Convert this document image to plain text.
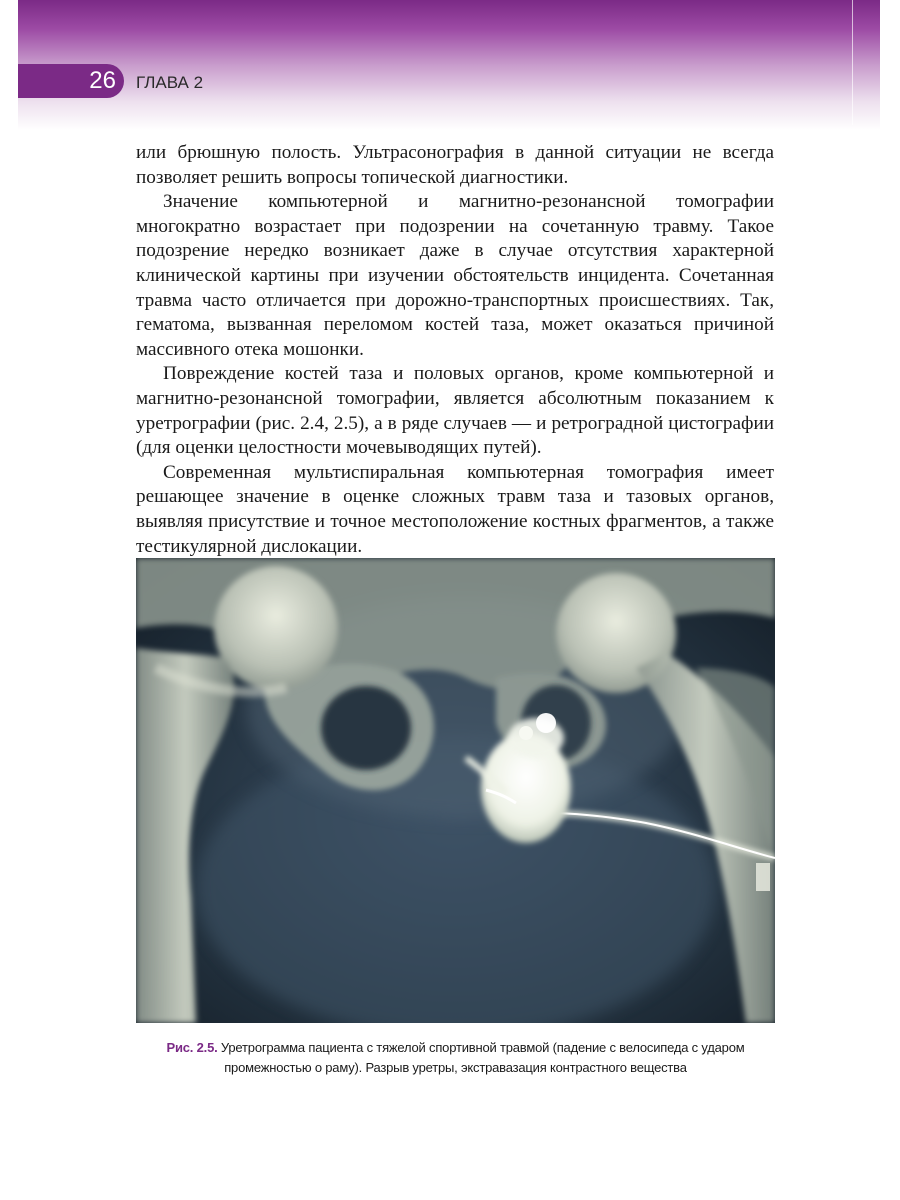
26	ГЛАВА 2

или брюшную полость. Ультрасонография в данной ситуации не всегда позволяет решить вопросы топической диагностики.

Значение компьютерной и магнитно-резонансной томографии многократно возрастает при подозрении на сочетанную травму. Такое подозрение нередко возникает даже в случае отсутствия характерной клинической картины при изучении обстоятельств инцидента. Сочетанная травма часто отличается при дорожно-транспортных происшествиях. Так, гематома, вызванная переломом костей таза, может оказаться причиной массивного отека мошонки.

Повреждение костей таза и половых органов, кроме компьютерной и магнитно-резонансной томографии, является абсолютным показанием к уретрографии (рис. 2.4, 2.5), а в ряде случаев — и ретроградной цистографии (для оценки целостности мочевыводящих путей).

Современная мультиспиральная компьютерная томография имеет решающее значение в оценке сложных травм таза и тазовых органов, выявляя присутствие и точное местоположение костных фрагментов, а также тестикулярной дислокации.

Рис. 2.5. Уретрограмма пациента с тяжелой спортивной травмой (падение с велосипеда с ударом промежностью о раму). Разрыв уретры, экстравазация контрастного вещества
